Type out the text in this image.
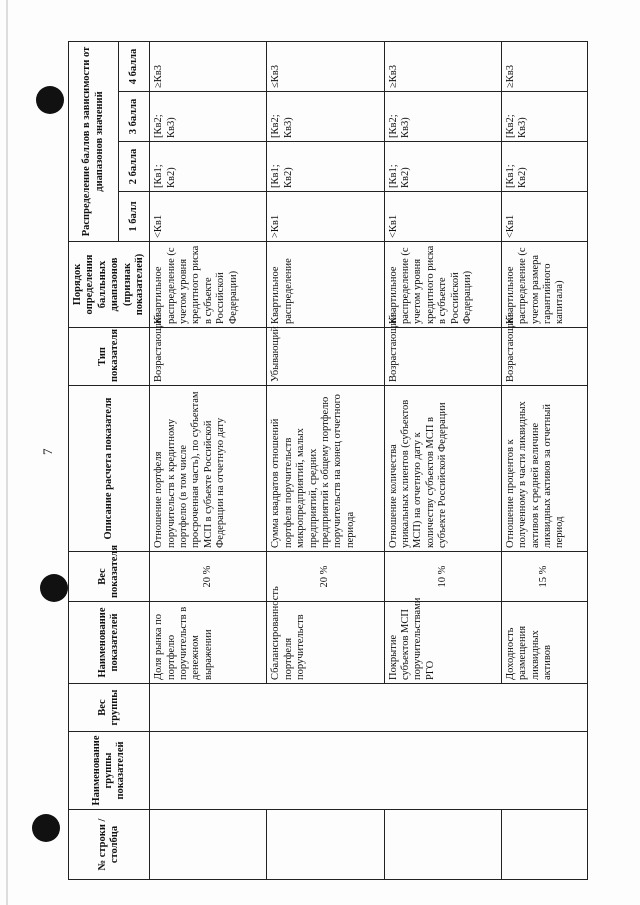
7
№ строки / столбца	Наименование группы показателей	Вес группы	Наименование показателей	Вес показателя	Описание расчета показателя	Тип показателя	Порядок определения балльных диапазонов (признак показателей)	Распределение баллов в зависимости от диапазонов значений			
								1 балл	2 балла	3 балла	4 балла
			Доля рынка по портфелю поручительств в денежном выражении	20 %	Отношение портфеля поручительств к кредитному портфелю (в том числе просроченная часть), по субъектам МСП в субъекте Российской Федерации на отчетную дату	Возрастающий	Квартильное распределение (с учетом уровня кредитного риска в субъекте Российской Федерации)	<Кв1	[Кв1; Кв2)	[Кв2; Кв3)	≥Кв3
			Сбалансированность портфеля поручительств	20 %	Сумма квадратов отношений портфеля поручительств микропредприятий, малых предприятий, средних предприятий к общему портфелю поручительств на конец отчетного периода	Убывающий	Квартильное распределение	>Кв1	[Кв1; Кв2)	[Кв2; Кв3)	≤Кв3
			Покрытие субъектов МСП поручительствами РГО	10 %	Отношение количества уникальных клиентов (субъектов МСП) на отчетную дату к количеству субъектов МСП в субъекте Российской Федерации	Возрастающий	Квартильное распределение (с учетом уровня кредитного риска в субъекте Российской Федерации)	<Кв1	[Кв1; Кв2)	[Кв2; Кв3)	≥Кв3
			Доходность размещения ликвидных активов	15 %	Отношение процентов к полученному в части ликвидных активов к средней величине ликвидных активов за отчетный период	Возрастающий	Квартильное распределение (с учетом размера гарантийного капитала)	<Кв1	[Кв1; Кв2)	[Кв2; Кв3)	≥Кв3
